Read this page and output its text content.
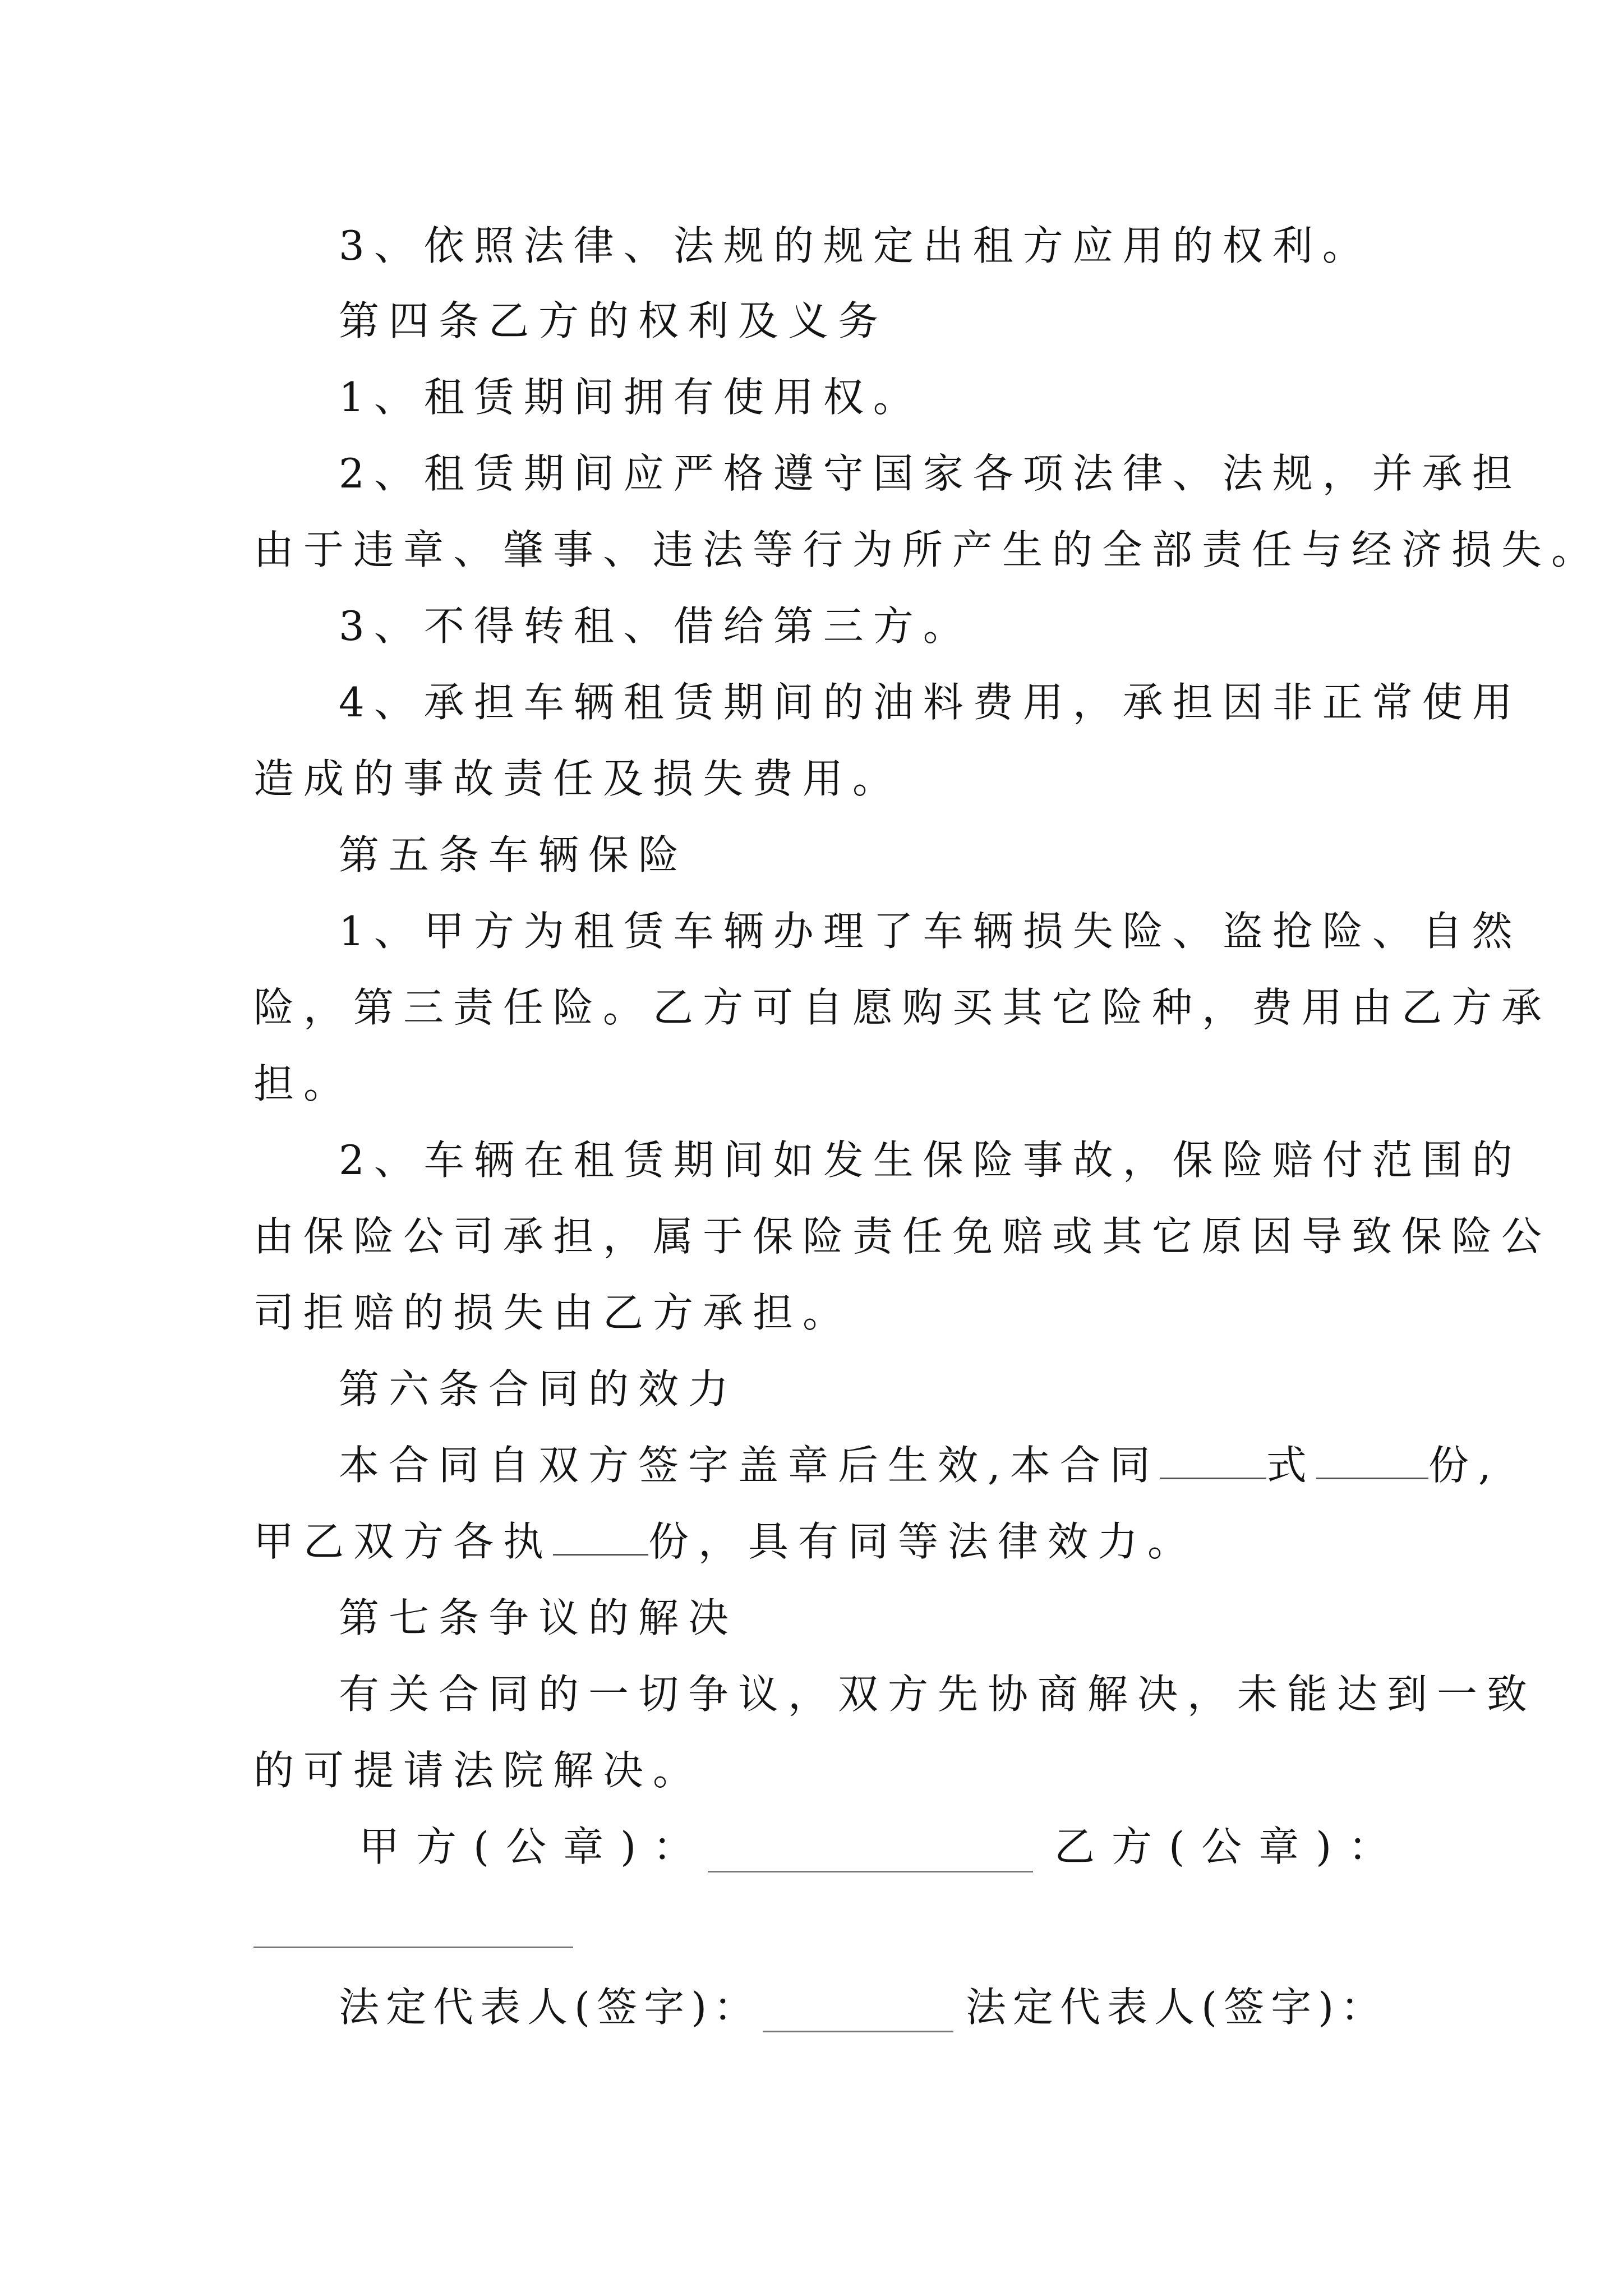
3、依照法律、法规的规定出租方应用的权利。

第四条乙方的权利及义务

1、租赁期间拥有使用权。

2、租赁期间应严格遵守国家各项法律、法规，并承担

由于违章、肇事、违法等行为所产生的全部责任与经济损失。

3、不得转租、借给第三方。

4、承担车辆租赁期间的油料费用，承担因非正常使用

造成的事故责任及损失费用。

第五条车辆保险

1、甲方为租赁车辆办理了车辆损失险、盗抢险、自然

险，第三责任险。乙方可自愿购买其它险种，费用由乙方承

担。

2、车辆在租赁期间如发生保险事故，保险赔付范围的

由保险公司承担，属于保险责任免赔或其它原因导致保险公

司拒赔的损失由乙方承担。

第六条合同的效力

本合同自双方签字盖章后生效,本合同	式	份,

甲乙双方各执 份，具有同等法律效力。

第七条争议的解决

有关合同的一切争议，双方先协商解决，未能达到一致

的可提请法院解决。

甲方(公章)：	乙方(公章)：
法定代表人(签字)：	法定代表人(签字)：
